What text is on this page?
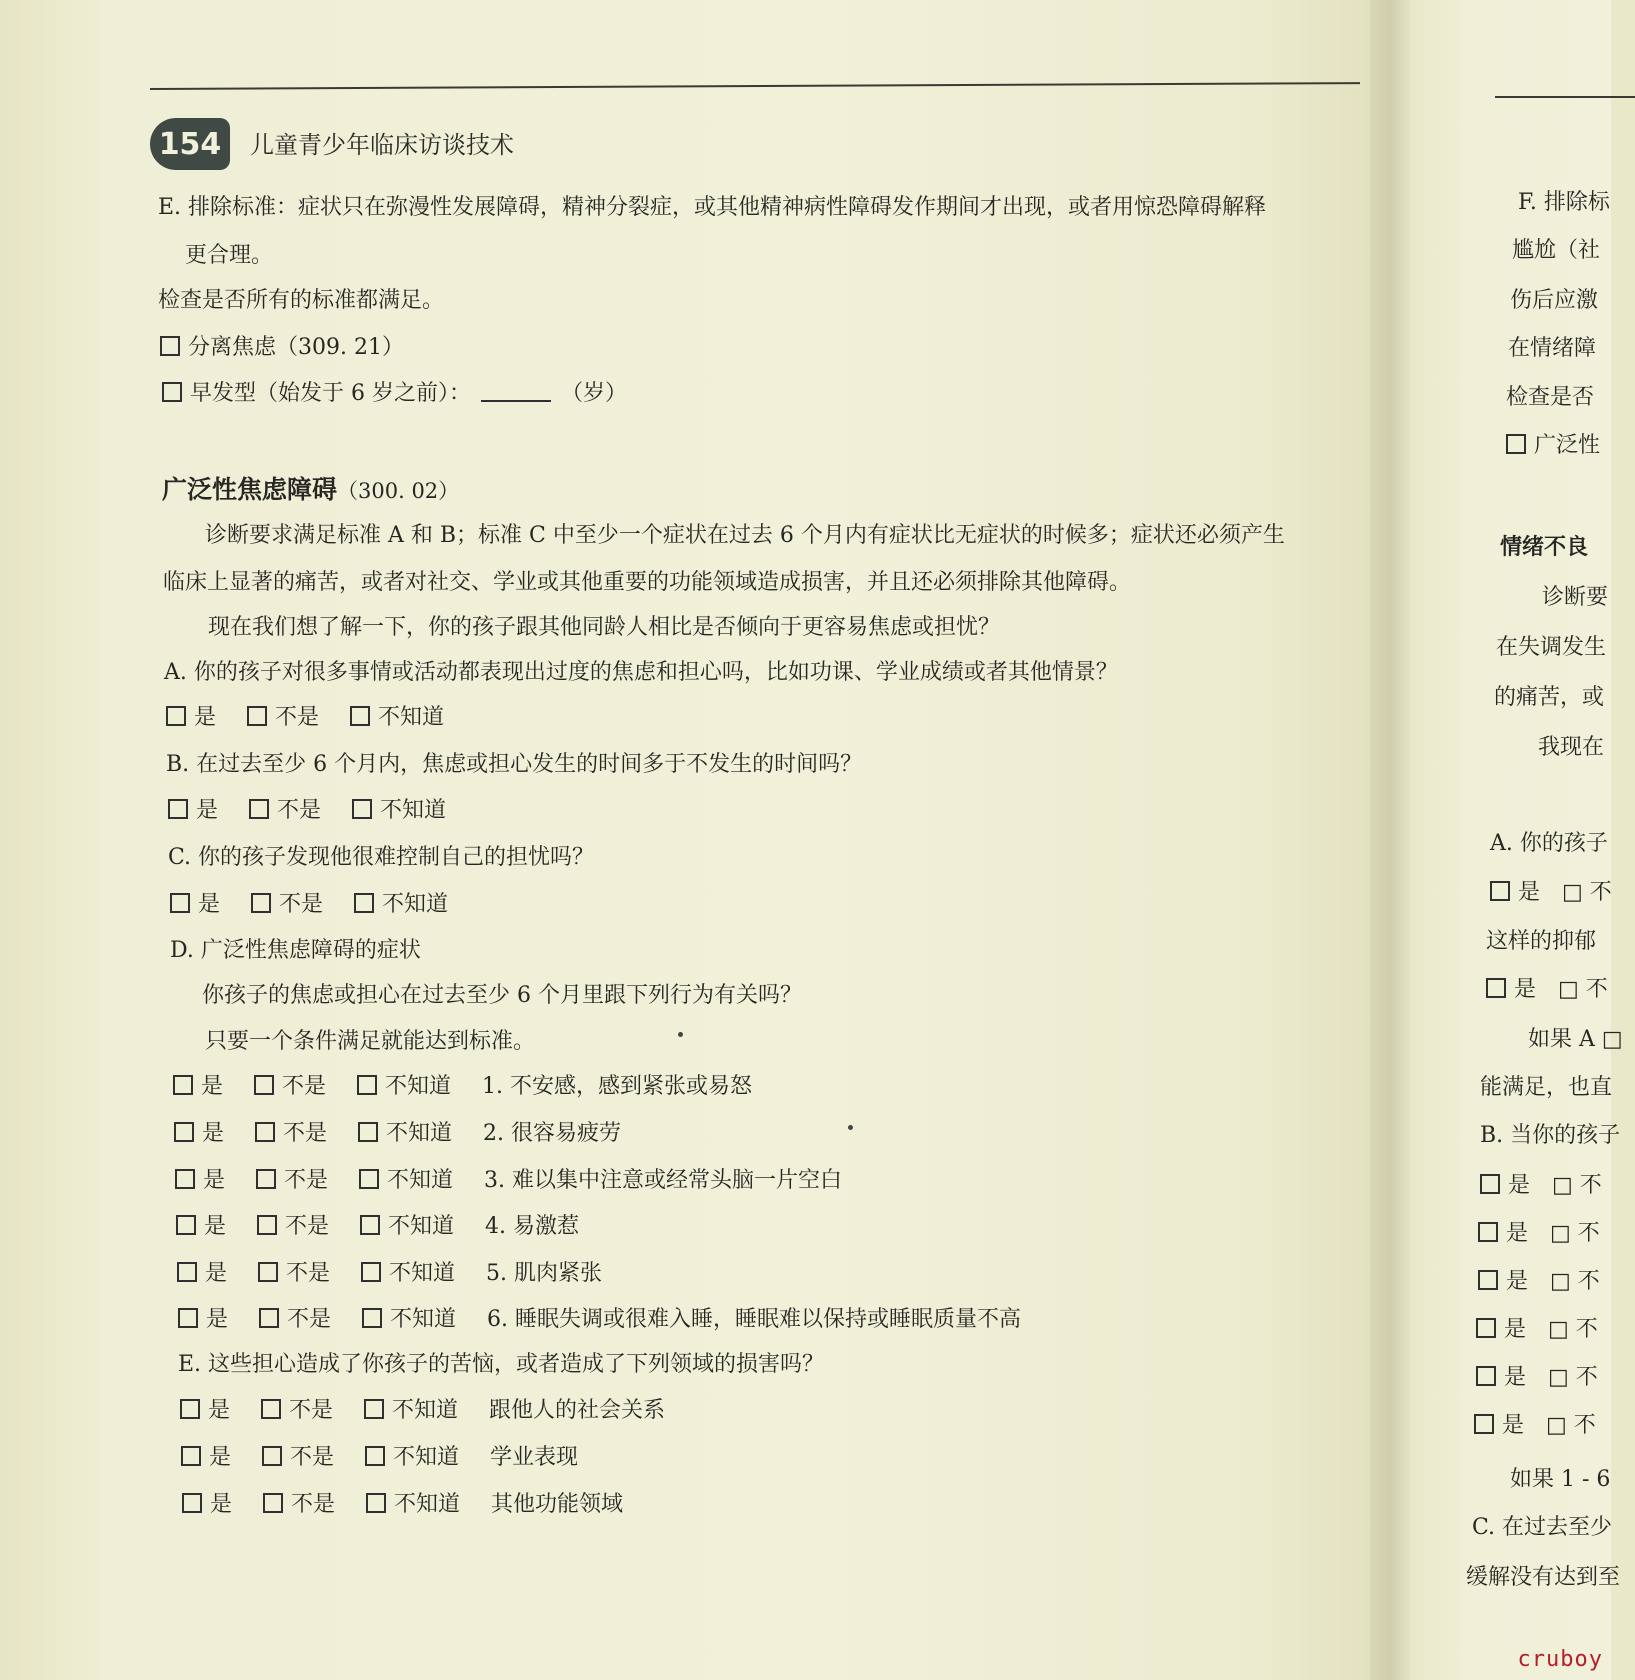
154 儿童青少年临床访谈技术
E. 排除标准：症状只在弥漫性发展障碍，精神分裂症，或其他精神病性障碍发作期间才出现，或者用惊恐障碍解释
更合理。
检查是否所有的标准都满足。
分离焦虑（309. 21）
早发型（始发于 6 岁之前）：	（岁）
广泛性焦虑障碍（300. 02）
诊断要求满足标准 A 和 B；标准 C 中至少一个症状在过去 6 个月内有症状比无症状的时候多；症状还必须产生
临床上显著的痛苦，或者对社交、学业或其他重要的功能领域造成损害，并且还必须排除其他障碍。
现在我们想了解一下，你的孩子跟其他同龄人相比是否倾向于更容易焦虑或担忧？
A. 你的孩子对很多事情或活动都表现出过度的焦虑和担心吗，比如功课、学业成绩或者其他情景？
是	不是	不知道
B. 在过去至少 6 个月内，焦虑或担心发生的时间多于不发生的时间吗？
是	不是	不知道
C. 你的孩子发现他很难控制自己的担忧吗？
是	不是	不知道
D. 广泛性焦虑障碍的症状
你孩子的焦虑或担心在过去至少 6 个月里跟下列行为有关吗？
只要一个条件满足就能达到标准。
是	不是	不知道 1. 不安感，感到紧张或易怒
是	不是	不知道 2. 很容易疲劳
是	不是	不知道 3. 难以集中注意或经常头脑一片空白
是	不是	不知道 4. 易激惹
是	不是	不知道 5. 肌肉紧张
是	不是	不知道 6. 睡眠失调或很难入睡，睡眠难以保持或睡眠质量不高
E. 这些担心造成了你孩子的苦恼，或者造成了下列领域的损害吗？
是	不是	不知道 跟他人的社会关系
是	不是	不知道 学业表现
是	不是	不知道 其他功能领域
F. 排除标
尴尬（社
伤后应激
在情绪障
检查是否
广泛性
情绪不良
诊断要
在失调发生
的痛苦，或
我现在
A. 你的孩子
是　□ 不
这样的抑郁
是　□ 不
如果 A □
能满足，也直
B. 当你的孩子
是　□ 不
是　□ 不
是　□ 不
是　□ 不
是　□ 不
是　□ 不
如果 1 - 6
C. 在过去至少
缓解没有达到至
cruboy
